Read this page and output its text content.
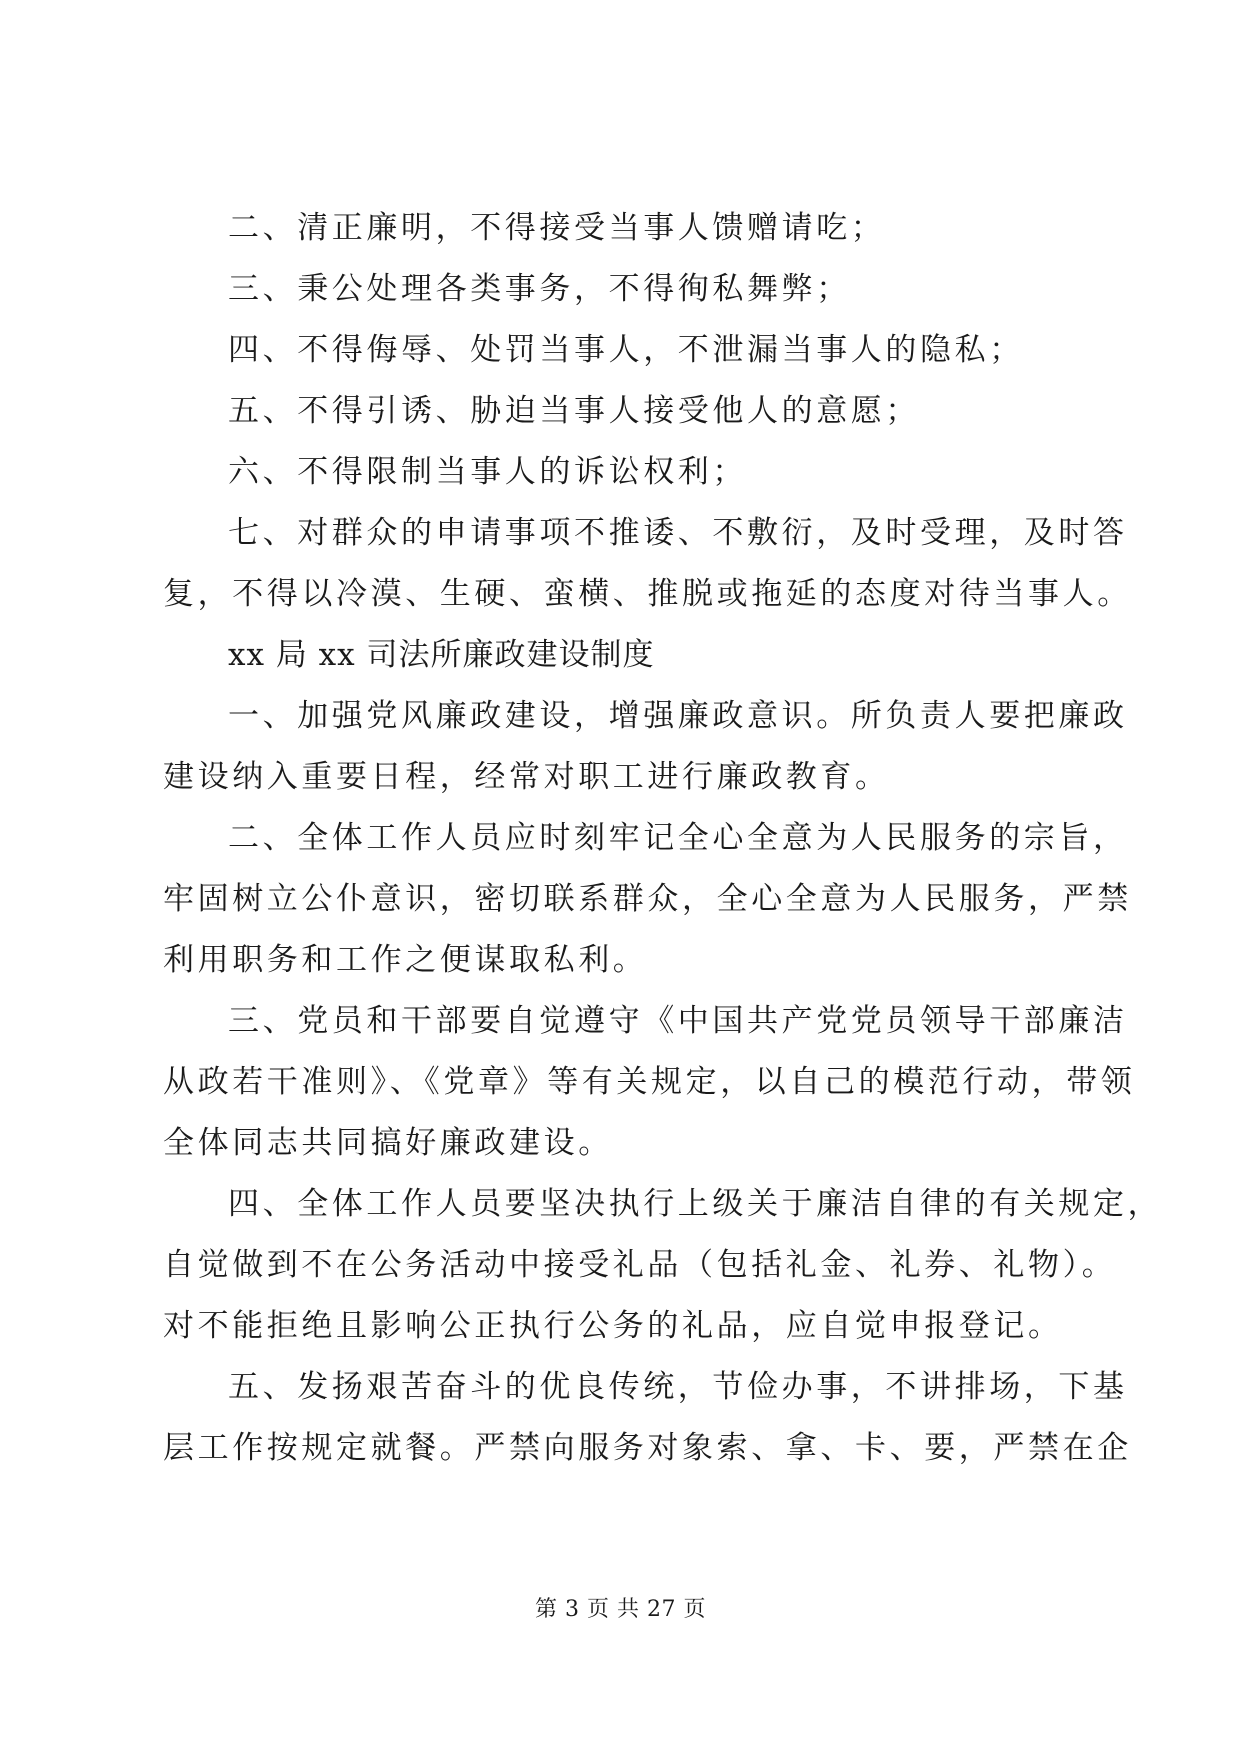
二、清正廉明，不得接受当事人馈赠请吃；
三、秉公处理各类事务，不得徇私舞弊；
四、不得侮辱、处罚当事人，不泄漏当事人的隐私；
五、不得引诱、胁迫当事人接受他人的意愿；
六、不得限制当事人的诉讼权利；
七、对群众的申请事项不推诿、不敷衍，及时受理，及时答
复，不得以冷漠、生硬、蛮横、推脱或拖延的态度对待当事人。
xx 局 xx 司法所廉政建设制度
一、加强党风廉政建设，增强廉政意识。所负责人要把廉政
建设纳入重要日程，经常对职工进行廉政教育。
二、全体工作人员应时刻牢记全心全意为人民服务的宗旨，
牢固树立公仆意识，密切联系群众，全心全意为人民服务，严禁
利用职务和工作之便谋取私利。
三、党员和干部要自觉遵守《中国共产党党员领导干部廉洁
从政若干准则》、《党章》等有关规定，以自己的模范行动，带领
全体同志共同搞好廉政建设。
四、全体工作人员要坚决执行上级关于廉洁自律的有关规定，
自觉做到不在公务活动中接受礼品（包括礼金、礼券、礼物）。
对不能拒绝且影响公正执行公务的礼品，应自觉申报登记。
五、发扬艰苦奋斗的优良传统，节俭办事，不讲排场，下基
层工作按规定就餐。严禁向服务对象索、拿、卡、要，严禁在企
第 3 页 共 27 页
